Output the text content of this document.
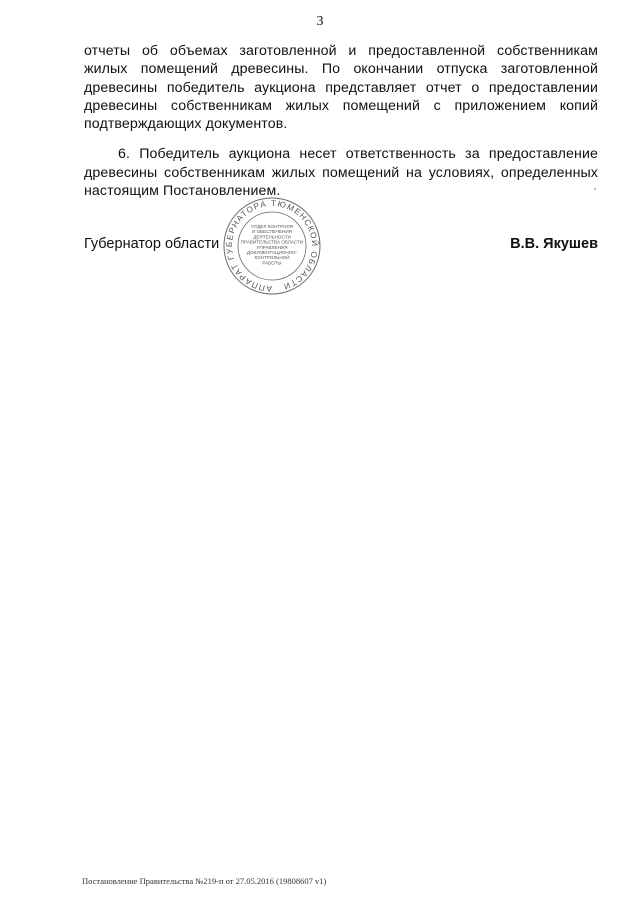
3

отчеты об объемах заготовленной и предоставленной собственникам жилых помещений древесины. По окончании отпуска заготовленной древесины победитель аукциона представляет отчет о предоставлении древесины собственникам жилых помещений с приложением копий подтверждающих документов.

6. Победитель аукциона несет ответственность за предоставление древесины собственникам жилых помещений на условиях, определенных настоящим Постановлением.

Губернатор области	В.В. Якушев
АППАРАТ ГУБЕРНАТОРА ТЮМЕНСКОЙ ОБЛАСТИ
ОТДЕЛ КОНТРОЛЯ
И ОБЕСПЕЧЕНИЯ
ДЕЯТЕЛЬНОСТИ
ПРАВИТЕЛЬСТВА ОБЛАСТИ
УПРАВЛЕНИЯ
ДОКУМЕНТАЦИОННО-
КОНТРОЛЬНОЙ
РАБОТЫ
Постановление Правительства №219-п от 27.05.2016 (19808607 v1)
